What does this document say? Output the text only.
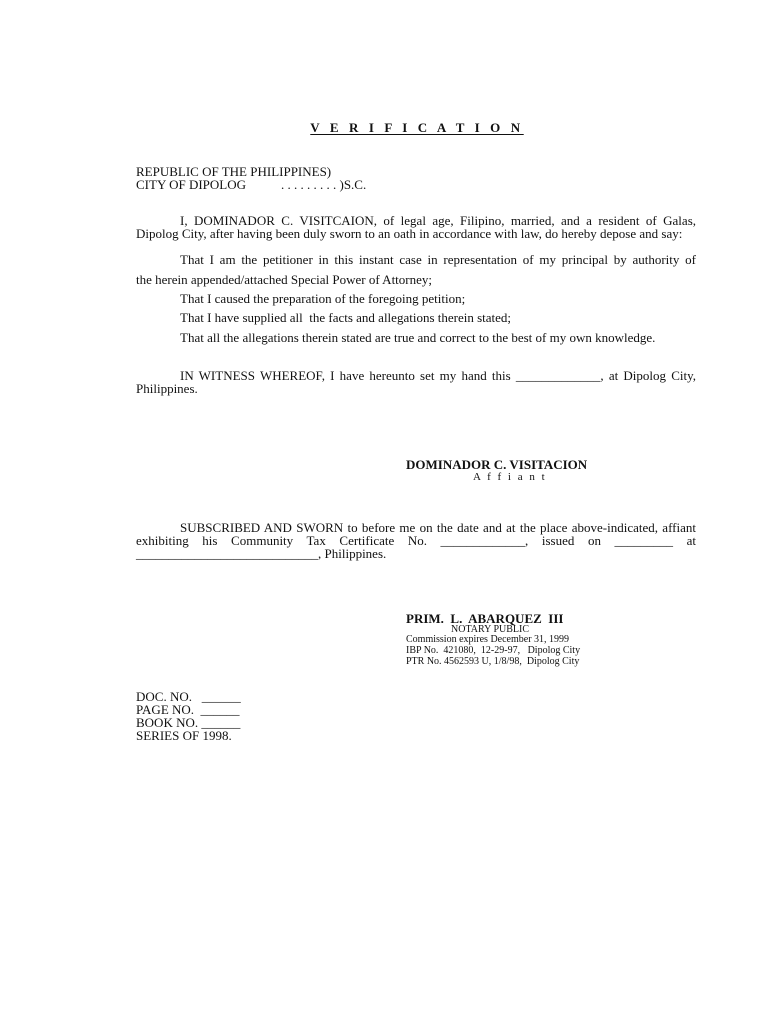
V E R I F I C A T I O N
REPUBLIC OF THE PHILIPPINES)
CITY OF DIPOLOG	. . . . . . . . . )S.C.
I, DOMINADOR C. VISITCAION, of legal age, Filipino, married, and a resident of Galas, Dipolog City, after having been duly sworn to an oath in accordance with law, do hereby depose and say:
That I am the petitioner in this instant case in representation of my principal by authority of
the herein appended/attached Special Power of Attorney;
That I caused the preparation of the foregoing petition;
That I have supplied all  the facts and allegations therein stated;
That all the allegations therein stated are true and correct to the best of my own knowledge.
IN WITNESS WHEREOF, I have hereunto set my hand this _____________, at Dipolog City, Philippines.
DOMINADOR C. VISITACION
A f f i a n t
SUBSCRIBED AND SWORN to before me on the date and at the place above-indicated, affiant exhibiting his Community Tax Certificate No. _____________, issued on _________ at ____________________________, Philippines.
PRIM.  L.  ABARQUEZ  III
NOTARY PUBLIC
Commission expires December 31, 1999
IBP No.  421080,  12-29-97,   Dipolog City
PTR No. 4562593 U, 1/8/98,  Dipolog City
DOC. NO.   ______
PAGE NO.  ______
BOOK NO. ______
SERIES OF 1998.
